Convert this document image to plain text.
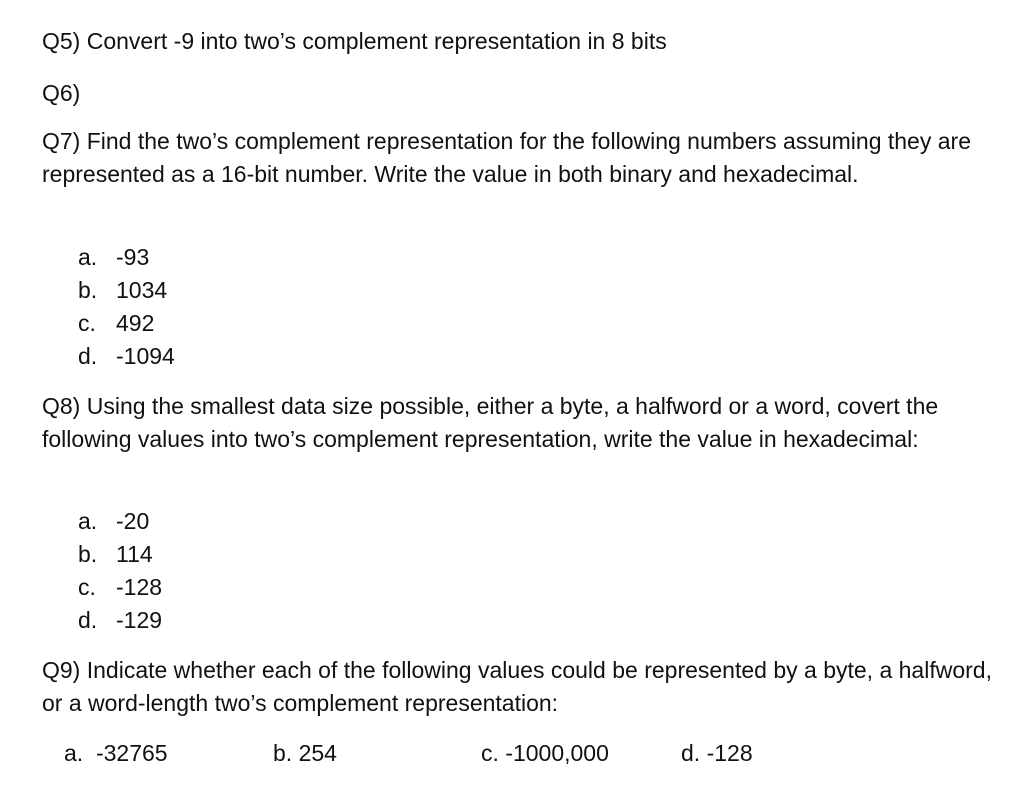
Q5) Convert -9 into two’s complement representation in 8 bits

Q6)

Q7) Find the two’s complement representation for the following numbers assuming they are represented as a 16-bit number. Write the value in both binary and hexadecimal.

a. -93
b. 1034
c. 492
d. -1094

Q8) Using the smallest data size possible, either a byte, a halfword or a word, covert the following values into two’s complement representation, write the value in hexadecimal:

a. -20
b. 114
c. -128
d. -129

Q9) Indicate whether each of the following values could be represented by a byte, a halfword, or a word-length two’s complement representation:

a.  -32765	b. 254	c. -1000,000	d. -128
